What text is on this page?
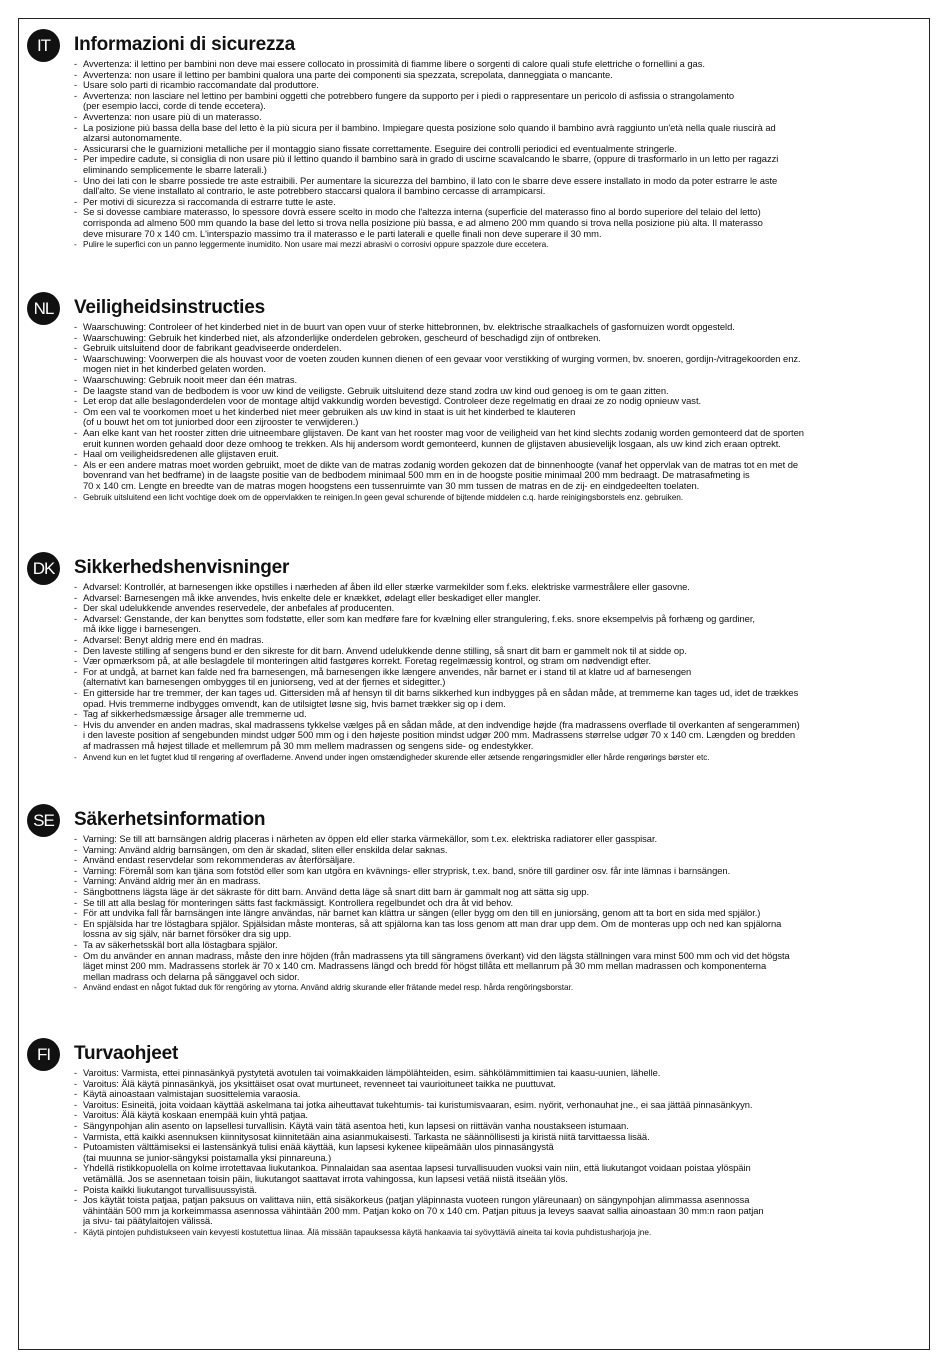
IT	Informazioni di sicurezza
- Avvertenza: il lettino per bambini non deve mai essere collocato in prossimità di fiamme libere o sorgenti di calore quali stufe elettriche o fornellini a gas.
- Avvertenza: non usare il lettino per bambini qualora una parte dei componenti sia spezzata, screpolata, danneggiata o mancante.
- Usare solo parti di ricambio raccomandate dal produttore.
- Avvertenza: non lasciare nel lettino per bambini oggetti che potrebbero fungere da supporto per i piedi o rappresentare un pericolo di asfissia o strangolamento
(per esempio lacci, corde di tende eccetera).
- Avvertenza: non usare più di un materasso.
- La posizione più bassa della base del letto è la più sicura per il bambino. Impiegare questa posizione solo quando il bambino avrà raggiunto un'età nella quale riuscirà ad
alzarsi autonomamente.
- Assicurarsi che le guarnizioni metalliche per il montaggio siano fissate correttamente. Eseguire dei controlli periodici ed eventualmente stringerle.
- Per impedire cadute, si consiglia di non usare più il lettino quando il bambino sarà in grado di uscirne scavalcando le sbarre, (oppure di trasformarlo in un letto per ragazzi
eliminando semplicemente le sbarre laterali.)
- Uno dei lati con le sbarre possiede tre aste estraibili. Per aumentare la sicurezza del bambino, il lato con le sbarre deve essere installato in modo da poter estrarre le aste
dall'alto. Se viene installato al contrario, le aste potrebbero staccarsi qualora il bambino cercasse di arrampicarsi.
- Per motivi di sicurezza si raccomanda di estrarre tutte le aste.
- Se si dovesse cambiare materasso, lo spessore dovrà essere scelto in modo che l'altezza interna (superficie del materasso fino al bordo superiore del telaio del letto)
corrisponda ad almeno 500 mm quando la base del letto si trova nella posizione più bassa, e ad almeno 200 mm quando si trova nella posizione più alta. Il materasso
deve misurare 70 x 140 cm. L'interspazio massimo tra il materasso e le parti laterali e quelle finali non deve superare il 30 mm.
- Pulire le superfici con un panno leggermente inumidito. Non usare mai mezzi abrasivi o corrosivi oppure spazzole dure eccetera.
NL	Veiligheidsinstructies
- Waarschuwing: Controleer of het kinderbed niet in de buurt van open vuur of sterke hittebronnen, bv. elektrische straalkachels of gasfornuizen wordt opgesteld.
- Waarschuwing: Gebruik het kinderbed niet, als afzonderlijke onderdelen gebroken, gescheurd of beschadigd zijn of ontbreken.
- Gebruik uitsluitend door de fabrikant geadviseerde onderdelen.
- Waarschuwing: Voorwerpen die als houvast voor de voeten zouden kunnen dienen of een gevaar voor verstikking of wurging vormen, bv. snoeren, gordijn-/vitragekoorden enz.
mogen niet in het kinderbed gelaten worden.
- Waarschuwing: Gebruik nooit meer dan één matras.
- De laagste stand van de bedbodem is voor uw kind de veiligste. Gebruik uitsluitend deze stand zodra uw kind oud genoeg is om te gaan zitten.
- Let erop dat alle beslagonderdelen voor de montage altijd vakkundig worden bevestigd. Controleer deze regelmatig en draai ze zo nodig opnieuw vast.
- Om een val te voorkomen moet u het kinderbed niet meer gebruiken als uw kind in staat is uit het kinderbed te klauteren
(of u bouwt het om tot juniorbed door een zijrooster te verwijderen.)
- Aan elke kant van het rooster zitten drie uitneembare glijstaven. De kant van het rooster mag voor de veiligheid van het kind slechts zodanig worden gemonteerd dat de sporten
eruit kunnen worden gehaald door deze omhoog te trekken. Als hij andersom wordt gemonteerd, kunnen de glijstaven abusievelijk losgaan, als uw kind zich eraan optrekt.
- Haal om veiligheidsredenen alle glijstaven eruit.
- Als er een andere matras moet worden gebruikt, moet de dikte van de matras zodanig worden gekozen dat de binnenhoogte (vanaf het oppervlak van de matras tot en met de
bovenrand van het bedframe) in de laagste positie van de bedbodem minimaal 500 mm en in de hoogste positie minimaal 200 mm bedraagt. De matrasafmeting is
70 x 140 cm. Lengte en breedte van de matras mogen hoogstens een tussenruimte van 30 mm tussen de matras en de zij- en eindgedeelten toelaten.
- Gebruik uitsluitend een licht vochtige doek om de oppervlakken te reinigen.In geen geval schurende of bijtende middelen c.q. harde reinigingsborstels enz. gebruiken.
DK Sikkerhedshenvisninger
- Advarsel: Kontrollér, at barnesengen ikke opstilles i nærheden af åben ild eller stærke varmekilder som f.eks. elektriske varmestrålere eller gasovne.
- Advarsel: Barnesengen må ikke anvendes, hvis enkelte dele er knækket, ødelagt eller beskadiget eller mangler.
- Der skal udelukkende anvendes reservedele, der anbefales af producenten.
- Advarsel: Genstande, der kan benyttes som fodstøtte, eller som kan medføre fare for kvælning eller strangulering, f.eks. snore eksempelvis på forhæng og gardiner,
må ikke ligge i barnesengen.
- Advarsel: Benyt aldrig mere end én madras.
- Den laveste stilling af sengens bund er den sikreste for dit barn. Anvend udelukkende denne stilling, så snart dit barn er gammelt nok til at sidde op.
- Vær opmærksom på, at alle beslagdele til monteringen altid fastgøres korrekt. Foretag regelmæssig kontrol, og stram om nødvendigt efter.
- For at undgå, at barnet kan falde ned fra barnesengen, må barnesengen ikke længere anvendes, når barnet er i stand til at klatre ud af barnesengen
(alternativt kan barnesengen ombygges til en juniorseng, ved at der fjernes et sidegitter.)
- En gitterside har tre tremmer, der kan tages ud. Gittersiden må af hensyn til dit barns sikkerhed kun indbygges på en sådan måde, at tremmerne kan tages ud, idet de trækkes
opad. Hvis tremmerne indbygges omvendt, kan de utilsigtet løsne sig, hvis barnet trækker sig op i dem.
- Tag af sikkerhedsmæssige årsager alle tremmerne ud.
- Hvis du anvender en anden madras, skal madrassens tykkelse vælges på en sådan måde, at den indvendige højde (fra madrassens overflade til overkanten af sengerammen)
i den laveste position af sengebunden mindst udgør 500 mm og i den højeste position mindst udgør 200 mm. Madrassens størrelse udgør 70 x 140 cm. Længden og bredden
af madrassen må højest tillade et mellemrum på 30 mm mellem madrassen og sengens side- og endestykker.
- Anvend kun en let fugtet klud til rengøring af overfladerne. Anvend under ingen omstændigheder skurende eller ætsende rengøringsmidler eller hårde rengørings børster etc.
SE	Säkerhetsinformation
- Varning: Se till att barnsängen aldrig placeras i närheten av öppen eld eller starka värmekällor, som t.ex. elektriska radiatorer eller gasspisar.
- Varning: Använd aldrig barnsängen, om den är skadad, sliten eller enskilda delar saknas.
- Använd endast reservdelar som rekommenderas av återförsäljare.
- Varning: Föremål som kan tjäna som fotstöd eller som kan utgöra en kvävnings- eller stryprisk, t.ex. band, snöre till gardiner osv. får inte lämnas i barnsängen.
- Varning: Använd aldrig mer än en madrass.
- Sängbottnens lägsta läge är det säkraste för ditt barn. Använd detta läge så snart ditt barn är gammalt nog att sätta sig upp.
- Se till att alla beslag för monteringen sätts fast fackmässigt. Kontrollera regelbundet och dra åt vid behov.
- För att undvika fall får barnsängen inte längre användas, när barnet kan klättra ur sängen (eller bygg om den till en juniorsäng, genom att ta bort en sida med spjälor.)
- En spjälsida har tre löstagbara spjälor. Spjälsidan måste monteras, så att spjälorna kan tas loss genom att man drar upp dem. Om de monteras upp och ned kan spjälorna
lossna av sig själv, när barnet försöker dra sig upp.
- Ta av säkerhetsskäl bort alla löstagbara spjälor.
- Om du använder en annan madrass, måste den inre höjden (från madrassens yta till sängramens överkant) vid den lägsta ställningen vara minst 500 mm och vid det högsta
läget minst 200 mm. Madrassens storlek är 70 x 140 cm. Madrassens längd och bredd för högst tillåta ett mellanrum på 30 mm mellan madrassen och komponenterna
mellan madrass och delarna på sänggavel och sidor.
- Använd endast en något fuktad duk för rengöring av ytorna. Använd aldrig skurande eller frätande medel resp. hårda rengöringsborstar.
FI	Turvaohjeet
- Varoitus: Varmista, ettei pinnasänkyä pystytetä avotulen tai voimakkaiden lämpölähteiden, esim. sähkölämmittimien tai kaasu-uunien, lähelle.
- Varoitus: Älä käytä pinnasänkyä, jos yksittäiset osat ovat murtuneet, revenneet tai vaurioituneet taikka ne puuttuvat.
- Käytä ainoastaan valmistajan suosittelemia varaosia.
- Varoitus: Esineitä, joita voidaan käyttää askelmana tai jotka aiheuttavat tukehtumis- tai kuristumisvaaran, esim. nyörit, verhonauhat jne., ei saa jättää pinnasänkyyn.
- Varoitus: Älä käytä koskaan enempää kuin yhtä patjaa.
- Sängynpohjan alin asento on lapsellesi turvallisin. Käytä vain tätä asentoa heti, kun lapsesi on riittävän vanha noustakseen istumaan.
- Varmista, että kaikki asennuksen kiinnitysosat kiinnitetään aina asianmukaisesti. Tarkasta ne säännöllisesti ja kiristä niitä tarvittaessa lisää.
- Putoamisten välttämiseksi ei lastensänkyä tulisi enää käyttää, kun lapsesi kykenee kiipeämään ulos pinnasängystä
(tai muunna se junior-sängyksi poistamalla yksi pinnareuna.)
- Yhdellä ristikkopuolella on kolme irrotettavaa liukutankoa. Pinnalaidan saa asentaa lapsesi turvallisuuden vuoksi vain niin, että liukutangot voidaan poistaa ylöspäin
vetämällä. Jos se asennetaan toisin päin, liukutangot saattavat irrota vahingossa, kun lapsesi vetää niistä itseään ylös.
- Poista kaikki liukutangot turvallisuussyistä.
- Jos käytät toista patjaa, patjan paksuus on valittava niin, että sisäkorkeus (patjan yläpinnasta vuoteen rungon yläreunaan) on sängynpohjan alimmassa asennossa
vähintään 500 mm ja korkeimmassa asennossa vähintään 200 mm. Patjan koko on 70 x 140 cm. Patjan pituus ja leveys saavat sallia ainoastaan 30 mm:n raon patjan
ja sivu- tai päätylaitojen välissä.
- Käytä pintojen puhdistukseen vain kevyesti kostutettua liinaa. Älä missään tapauksessa käytä hankaavia tai syövyttäviä aineita tai kovia puhdistusharjoja jne.
